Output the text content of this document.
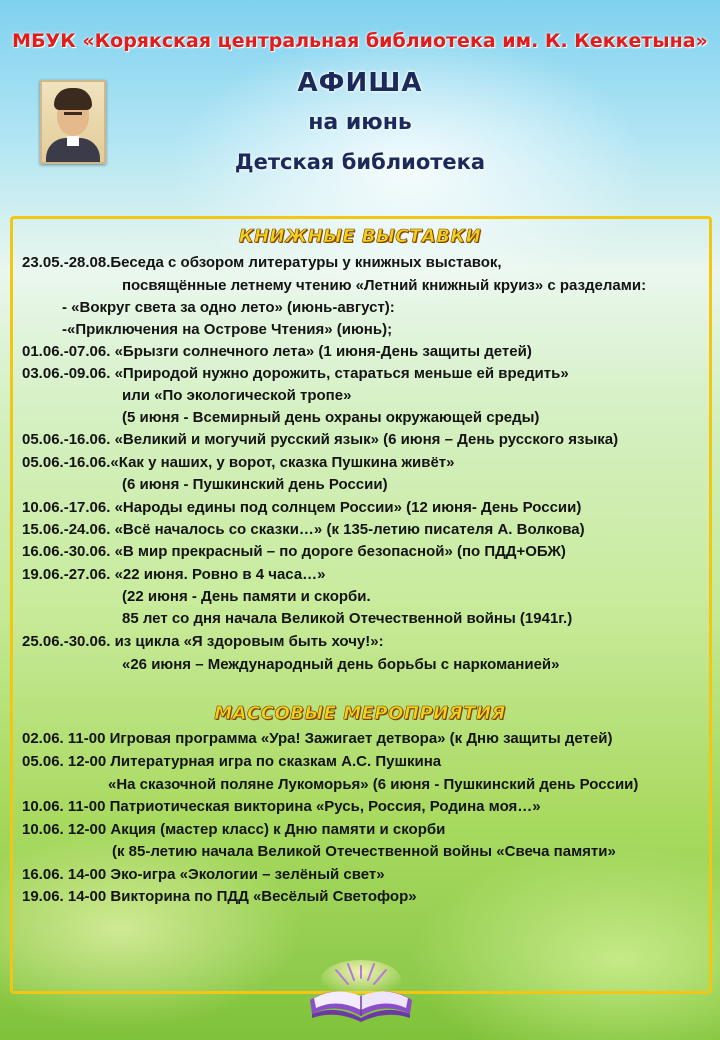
МБУК «Корякская центральная библиотека им. К. Кеккетына»
АФИША
на июнь
Детская библиотека
КНИЖНЫЕ ВЫСТАВКИ
23.05.-28.08.Беседа с обзором литературы у книжных выставок,
посвящённые летнему чтению «Летний книжный круиз» с разделами:
- «Вокруг света за одно лето» (июнь-август):
-«Приключения на Острове Чтения» (июнь);
01.06.-07.06. «Брызги солнечного лета» (1 июня-День защиты детей)
03.06.-09.06. «Природой нужно дорожить, стараться меньше ей вредить»
или «По экологической тропе»
(5 июня - Всемирный день охраны окружающей среды)
05.06.-16.06. «Великий и могучий русский язык» (6 июня – День русского языка)
05.06.-16.06.«Как у наших, у ворот, сказка Пушкина живёт»
(6 июня - Пушкинский день России)
10.06.-17.06. «Народы едины под солнцем России» (12 июня- День России)
15.06.-24.06. «Всё началось со сказки…» (к 135-летию писателя А. Волкова)
16.06.-30.06. «В мир прекрасный – по дороге безопасной» (по ПДД+ОБЖ)
19.06.-27.06. «22 июня. Ровно в 4 часа…»
(22 июня - День памяти и скорби.
85 лет со дня начала Великой Отечественной войны (1941г.)
25.06.-30.06. из цикла «Я здоровым быть хочу!»:
«26 июня – Международный день борьбы с наркоманией»
МАССОВЫЕ МЕРОПРИЯТИЯ
02.06. 11-00 Игровая программа «Ура! Зажигает детвора» (к Дню защиты детей)
05.06. 12-00 Литературная игра по сказкам А.С. Пушкина
«На сказочной поляне Лукоморья» (6 июня - Пушкинский день России)
10.06. 11-00 Патриотическая викторина «Русь, Россия, Родина моя…»
10.06. 12-00 Акция (мастер класс) к Дню памяти и скорби
(к 85-летию начала Великой Отечественной войны «Свеча памяти»
16.06. 14-00 Эко-игра «Экологии – зелёный свет»
19.06. 14-00 Викторина по ПДД «Весёлый Светофор»
